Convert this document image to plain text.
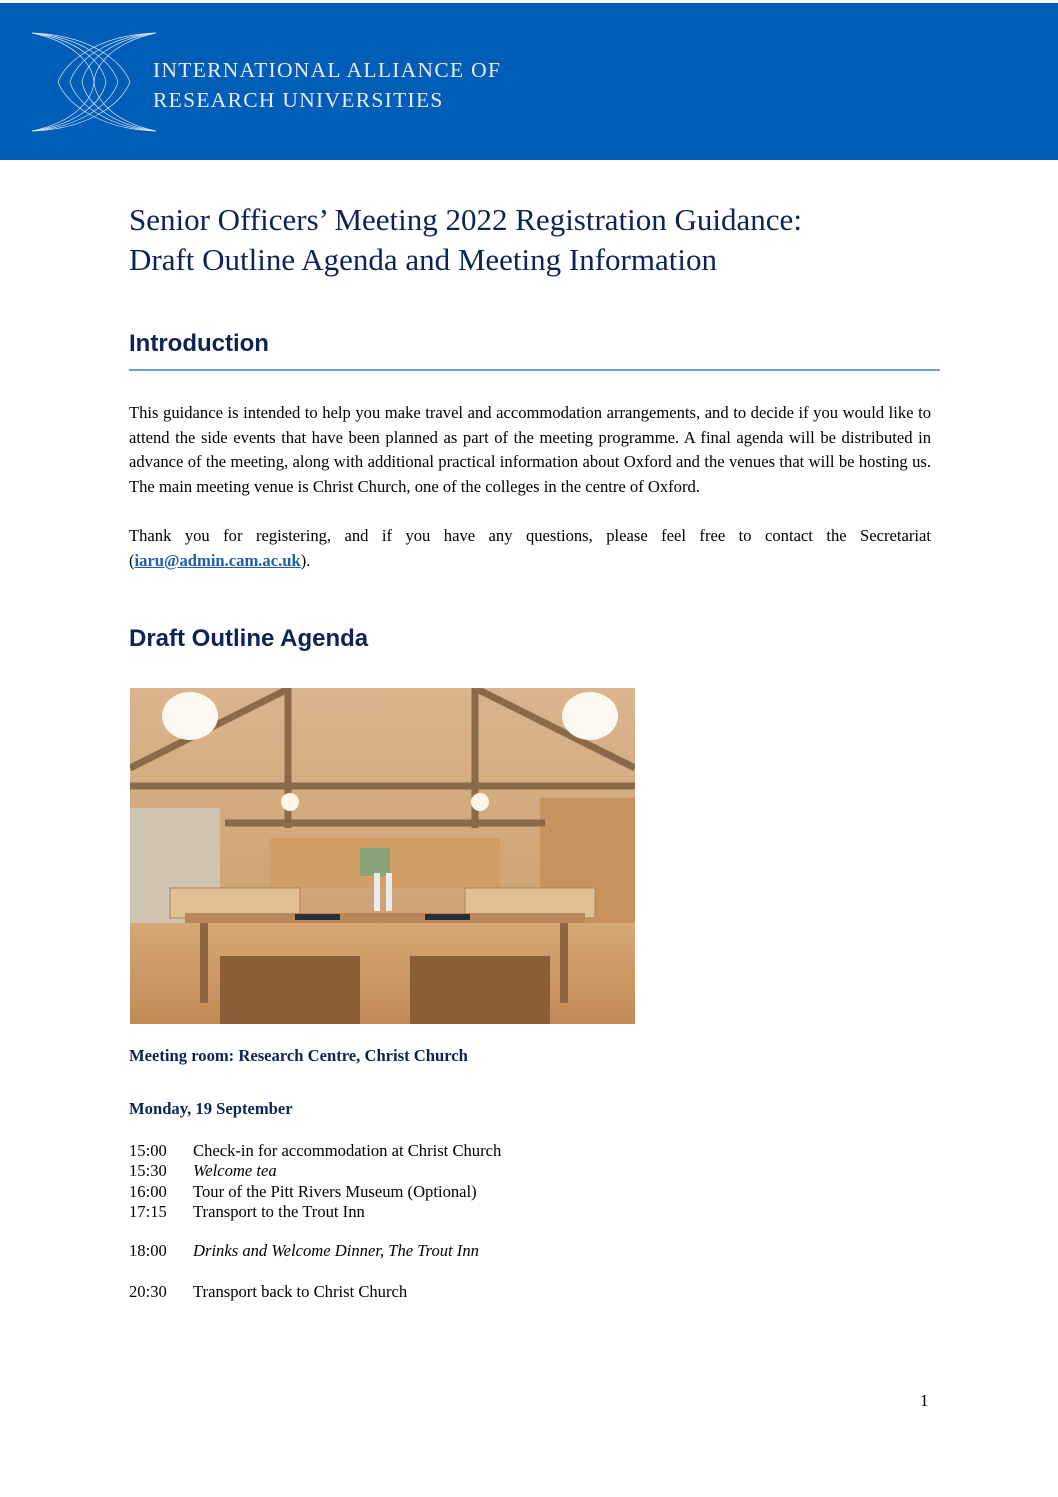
INTERNATIONAL ALLIANCE OF
RESEARCH UNIVERSITIES
Senior Officers’ Meeting 2022 Registration Guidance:
Draft Outline Agenda and Meeting Information
Introduction
This guidance is intended to help you make travel and accommodation arrangements, and to decide if you would like to attend the side events that have been planned as part of the meeting programme. A final agenda will be distributed in advance of the meeting, along with additional practical information about Oxford and the venues that will be hosting us. The main meeting venue is Christ Church, one of the colleges in the centre of Oxford.
Thank you for registering, and if you have any questions, please feel free to contact the Secretariat (iaru@admin.cam.ac.uk).
Draft Outline Agenda
Meeting room: Research Centre, Christ Church
Monday, 19 September
15:00 Check-in for accommodation at Christ Church
15:30 Welcome tea
16:00 Tour of the Pitt Rivers Museum (Optional)
17:15 Transport to the Trout Inn
18:00 Drinks and Welcome Dinner, The Trout Inn
20:30 Transport back to Christ Church
1
